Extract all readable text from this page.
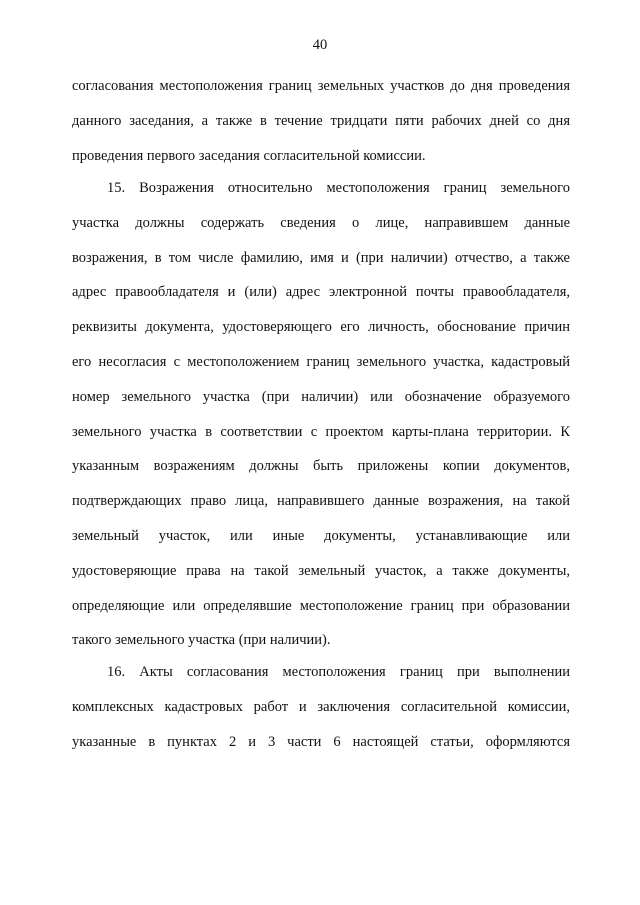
40
согласования местоположения границ земельных участков до дня проведения
данного заседания, а также в течение тридцати пяти рабочих дней со дня
проведения первого заседания согласительной комиссии.
15. Возражения относительно местоположения границ земельного
участка должны содержать сведения о лице, направившем данные
возражения, в том числе фамилию, имя и (при наличии) отчество, а также
адрес правообладателя и (или) адрес электронной почты правообладателя,
реквизиты документа, удостоверяющего его личность, обоснование причин
его несогласия с местоположением границ земельного участка, кадастровый
номер земельного участка (при наличии) или обозначение образуемого
земельного участка в соответствии с проектом карты-плана территории. К
указанным возражениям должны быть приложены копии документов,
подтверждающих право лица, направившего данные возражения, на такой
земельный участок, или иные документы, устанавливающие или
удостоверяющие права на такой земельный участок, а также документы,
определяющие или определявшие местоположение границ при образовании
такого земельного участка (при наличии).
16. Акты согласования местоположения границ при выполнении
комплексных кадастровых работ и заключения согласительной комиссии,
указанные в пунктах 2 и 3 части 6 настоящей статьи, оформляются
